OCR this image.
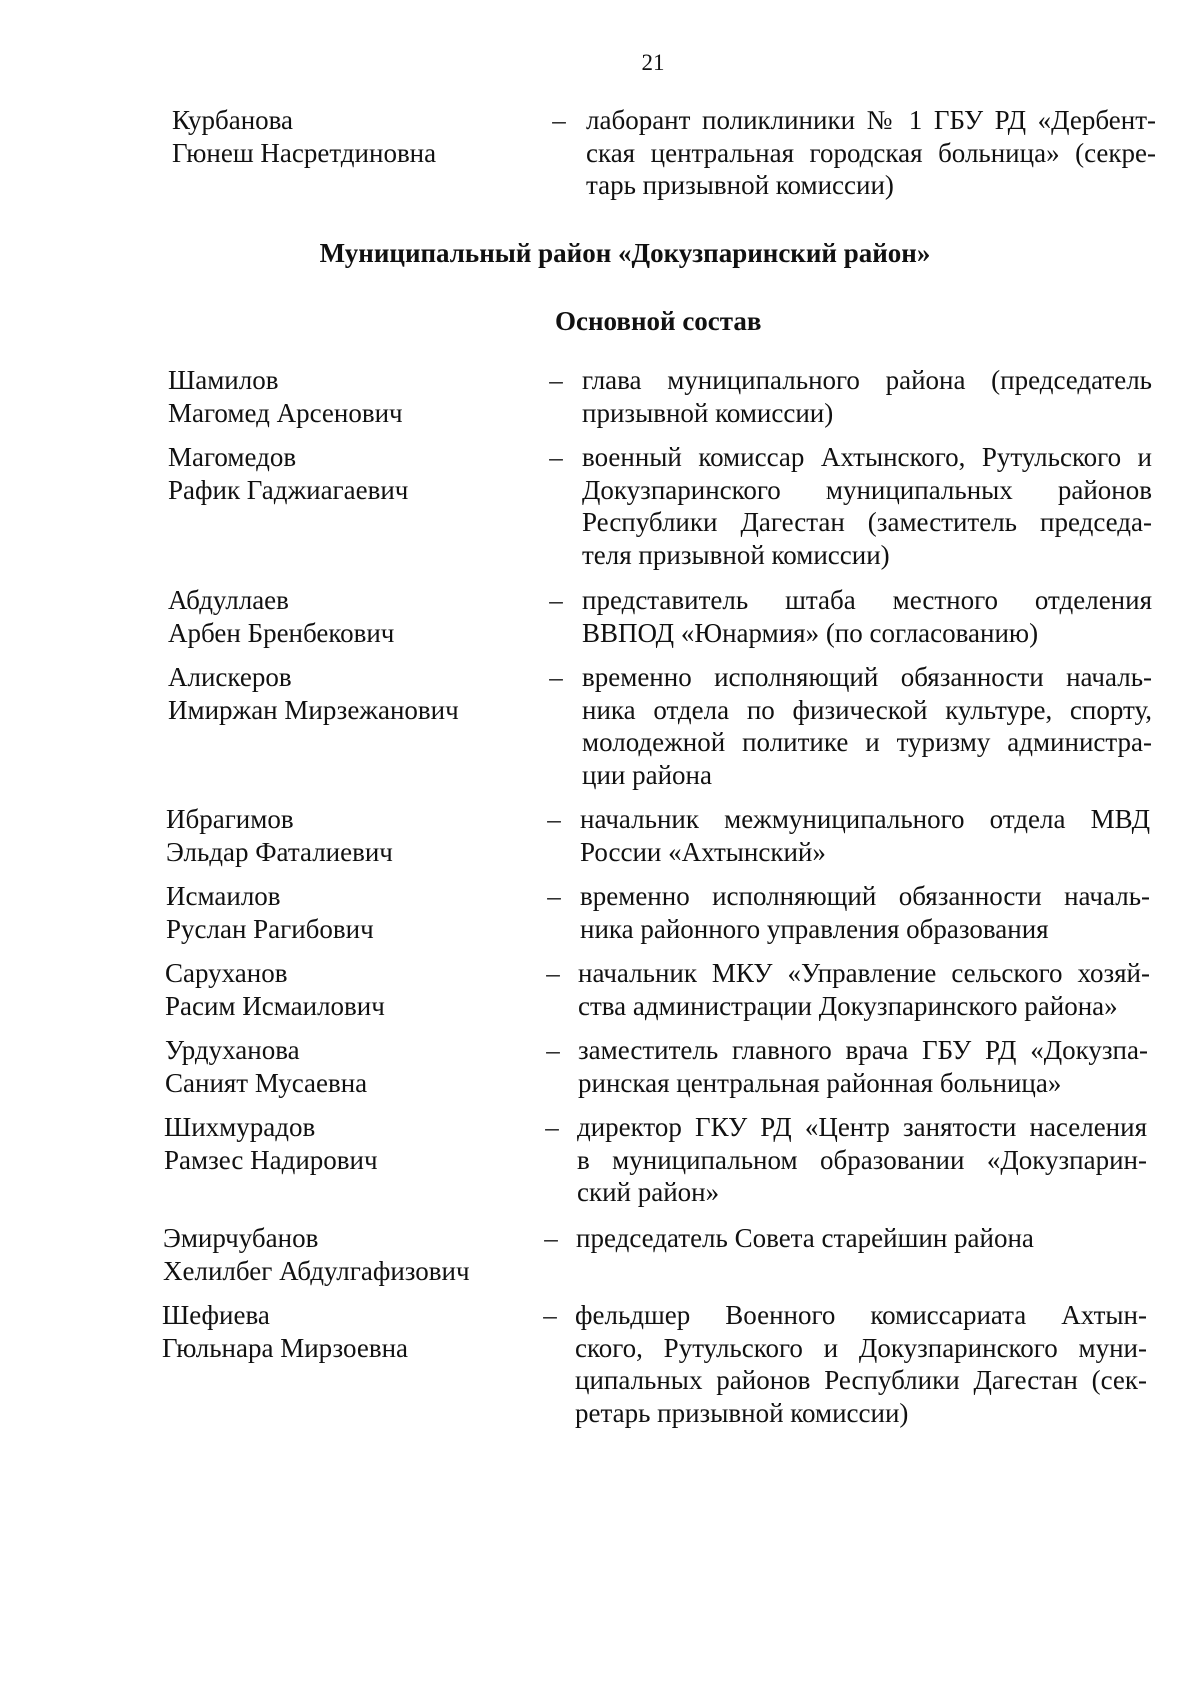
21
Курбанова
Гюнеш Насретдиновна
– лаборант поликлиники № 1 ГБУ РД «Дербент-
ская центральная городская больница» (секре-
тарь призывной комиссии)
Муниципальный район «Докузпаринский район»
Основной состав
Шамилов
Магомед Арсенович
– глава муниципального района (председатель
призывной комиссии)
Магомедов
Рафик Гаджиагаевич
– военный комиссар Ахтынского, Рутульского и
Докузпаринского муниципальных районов
Республики Дагестан (заместитель председа-
теля призывной комиссии)
Абдуллаев
Арбен Бренбекович
– представитель штаба местного отделения
ВВПОД «Юнармия» (по согласованию)
Алискеров
Имиржан Мирзежанович
– временно исполняющий обязанности началь-
ника отдела по физической культуре, спорту,
молодежной политике и туризму администра-
ции района
Ибрагимов
Эльдар Фаталиевич
– начальник межмуниципального отдела МВД
России «Ахтынский»
Исмаилов
Руслан Рагибович
– временно исполняющий обязанности началь-
ника районного управления образования
Саруханов
Расим Исмаилович
– начальник МКУ «Управление сельского хозяй-
ства администрации Докузпаринского района»
Урдуханова
Саният Мусаевна
– заместитель главного врача ГБУ РД «Докузпа-
ринская центральная районная больница»
Шихмурадов
Рамзес Надирович
– директор ГКУ РД «Центр занятости населения
в муниципальном образовании «Докузпарин-
ский район»
Эмирчубанов
Хелилбег Абдулгафизович
– председатель Совета старейшин района
Шефиева
Гюльнара Мирзоевна
– фельдшер Военного комиссариата Ахтын-
ского, Рутульского и Докузпаринского муни-
ципальных районов Республики Дагестан (сек-
ретарь призывной комиссии)
